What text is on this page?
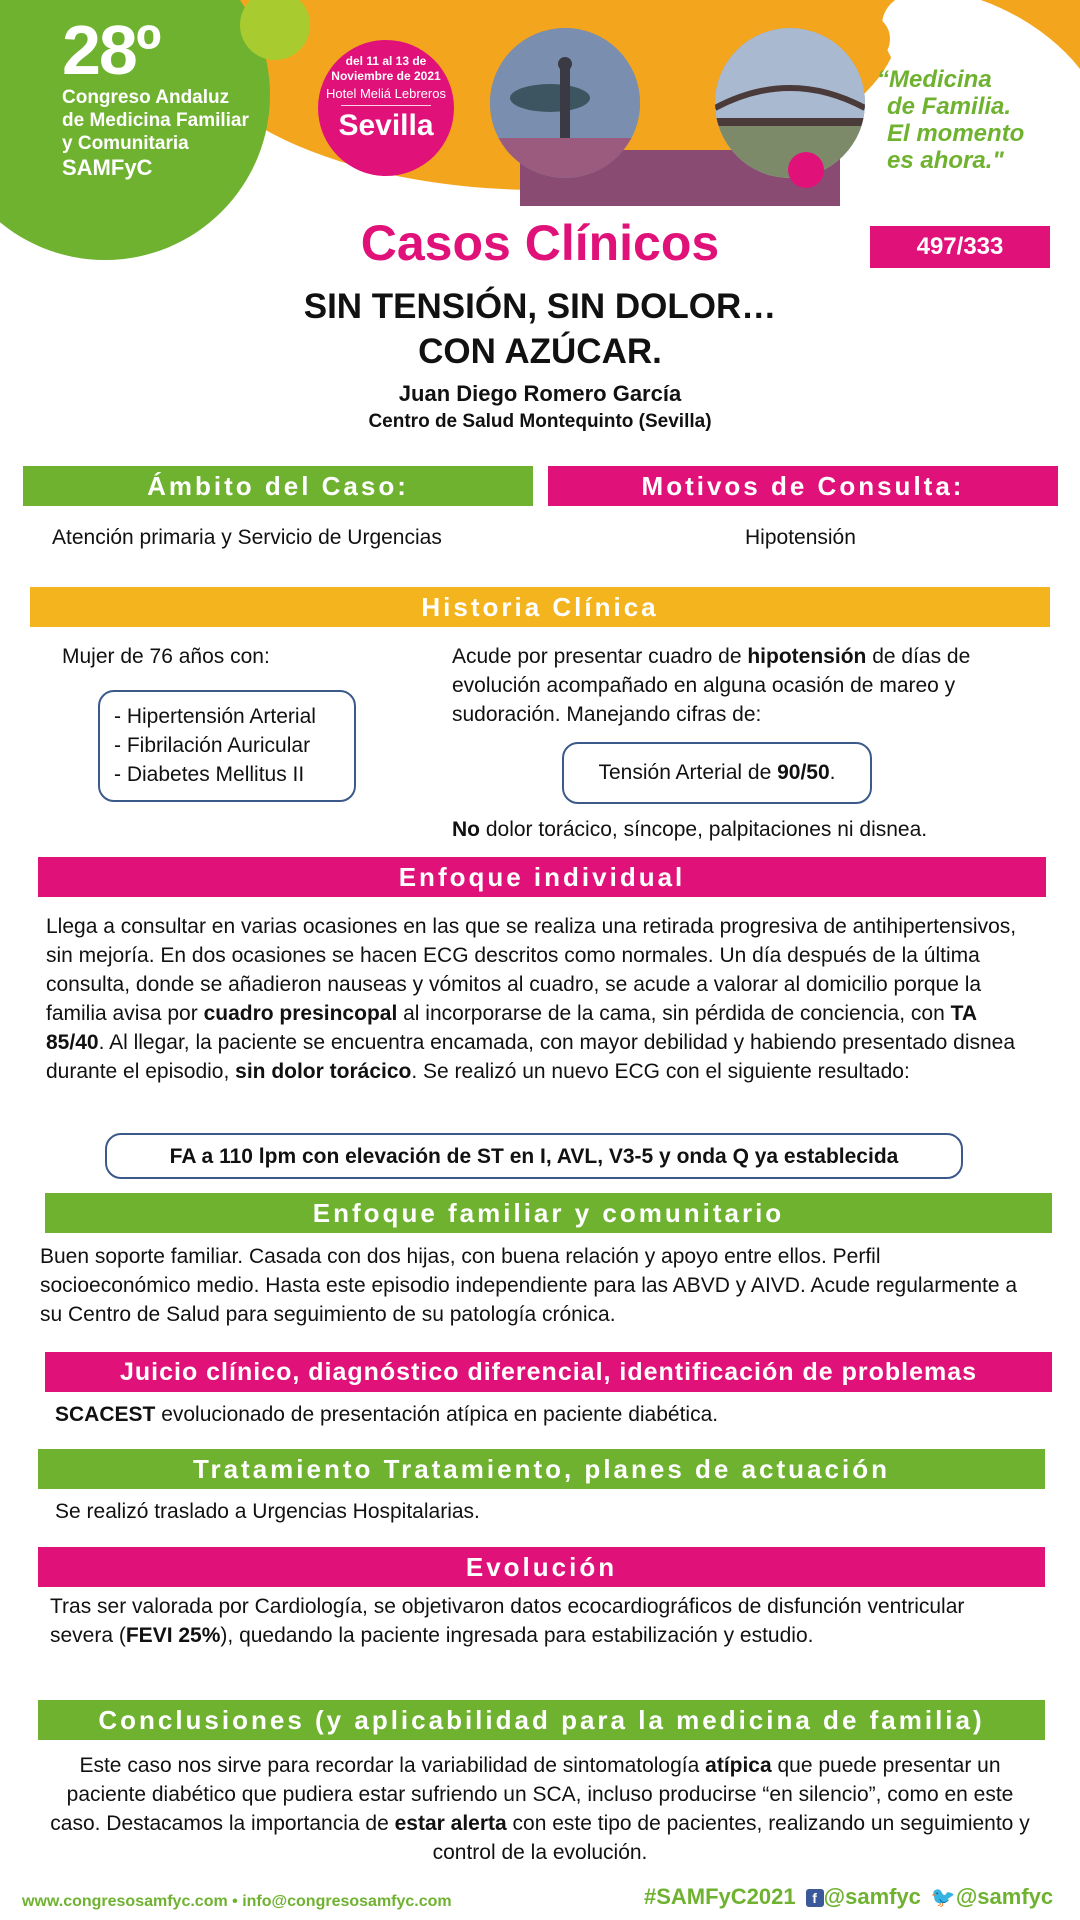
28º
Congreso Andaluz
de Medicina Familiar
y Comunitaria
SAMFyC
del 11 al 13 de
Noviembre de 2021
Hotel Meliá Lebreros
Sevilla
“Medicina
de Familia.
El momento
es ahora."
Casos Clínicos	497/333
SIN TENSIÓN, SIN DOLOR…
CON AZÚCAR.
Juan Diego Romero García
Centro de Salud Montequinto (Sevilla)
Ámbito del Caso:
Atención primaria y Servicio de Urgencias
Motivos de Consulta:
Hipotensión
Historia Clínica
Mujer de 76 años con:
- Hipertensión Arterial
- Fibrilación Auricular
- Diabetes Mellitus II
Acude por presentar cuadro de hipotensión de días de evolución acompañado en alguna ocasión de mareo y sudoración. Manejando cifras de:
Tensión Arterial de 90/50.
No dolor torácico, síncope, palpitaciones ni disnea.
Enfoque individual
Llega a consultar en varias ocasiones en las que se realiza una retirada progresiva de antihipertensivos, sin mejoría. En dos ocasiones se hacen ECG descritos como normales. Un día después de la última consulta, donde se añadieron nauseas y vómitos al cuadro, se acude a valorar al domicilio porque la familia avisa por cuadro presincopal al incorporarse de la cama, sin pérdida de conciencia, con TA 85/40. Al llegar, la paciente se encuentra encamada, con mayor debilidad y habiendo presentado disnea durante el episodio, sin dolor torácico. Se realizó un nuevo ECG con el siguiente resultado:
FA a 110 lpm con elevación de ST en I, AVL, V3-5 y onda Q ya establecida
Enfoque familiar y comunitario
Buen soporte familiar. Casada con dos hijas, con buena relación y apoyo entre ellos. Perfil socioeconómico medio. Hasta este episodio independiente para las ABVD y AIVD. Acude regularmente a su Centro de Salud para seguimiento de su patología crónica.
Juicio clínico, diagnóstico diferencial, identificación de problemas
SCACEST evolucionado de presentación atípica en paciente diabética.
Tratamiento Tratamiento, planes de actuación
Se realizó traslado a Urgencias Hospitalarias.
Evolución
Tras ser valorada por Cardiología, se objetivaron datos ecocardiográficos de disfunción ventricular severa (FEVI 25%), quedando la paciente ingresada para estabilización y estudio.
Conclusiones (y aplicabilidad para la medicina de familia)
Este caso nos sirve para recordar la variabilidad de sintomatología atípica que puede presentar un paciente diabético que pudiera estar sufriendo un SCA, incluso producirse “en silencio”, como en este caso. Destacamos la importancia de estar alerta con este tipo de pacientes, realizando un seguimiento y control de la evolución.
www.congresosamfyc.com • info@congresosamfyc.com	#SAMFyC2021 f @samfyc 🐦@samfyc
